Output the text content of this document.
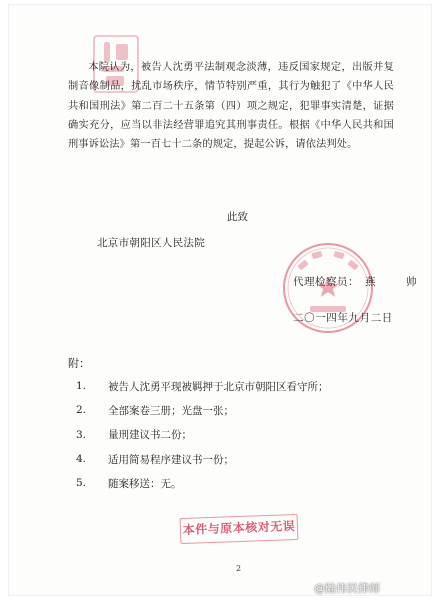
本院认为，被告人沈勇平法制观念淡薄，违反国家规定，出版并复制音像制品，扰乱市场秩序，情节特别严重，其行为触犯了《中华人民共和国刑法》第二百二十五条第（四）项之规定，犯罪事实清楚，证据确实充分，应当以非法经营罪追究其刑事责任。根据《中华人民共和国刑事诉讼法》第一百七十二条的规定，提起公诉，请依法判处。

此致
北京市朝阳区人民法院
代理检察员： 燕　帅
二〇一四年九月二日
附：
1.	被告人沈勇平现被羁押于北京市朝阳区看守所；
2.	全部案卷三册；光盘一张；
3.	量刑建议书二份；
4.	适用简易程序建议书一份；
5.	随案移送：无。
本件与原本核对无误
2
@陆伟民律师
